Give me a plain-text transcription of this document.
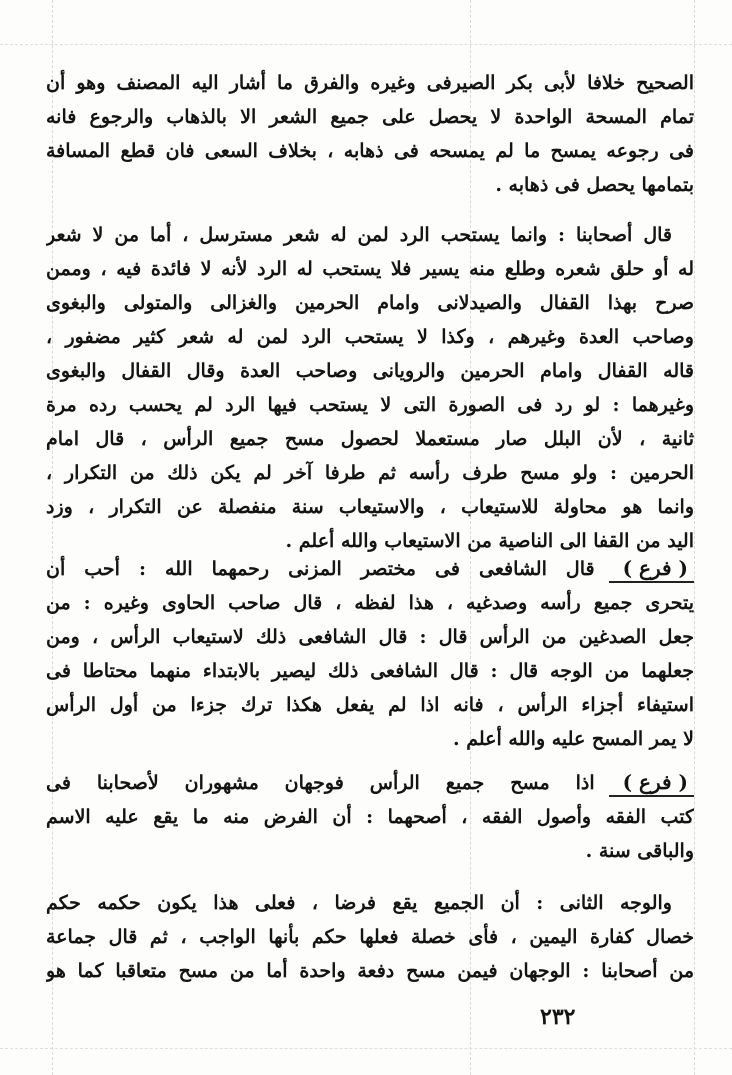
الصحيح خلافا لأبى بكر الصيرفى وغيره والفرق ما أشار اليه المصنف وهو أن
تمام المسحة الواحدة لا يحصل على جميع الشعر الا بالذهاب والرجوع فانه
فى رجوعه يمسح ما لم يمسحه فى ذهابه ، بخلاف السعى فان قطع المسافة
بتمامها يحصل فى ذهابه .
قال أصحابنا : وانما يستحب الرد لمن له شعر مسترسل ، أما من لا شعر
له أو حلق شعره وطلع منه يسير فلا يستحب له الرد لأنه لا فائدة فيه ، وممن
صرح بهذا القفال والصيدلانى وامام الحرمين والغزالى والمتولى والبغوى
وصاحب العدة وغيرهم ، وكذا لا يستحب الرد لمن له شعر كثير مضفور ،
قاله القفال وامام الحرمين والرويانى وصاحب العدة وقال القفال والبغوى
وغيرهما : لو رد فى الصورة التى لا يستحب فيها الرد لم يحسب رده مرة
ثانية ، لأن البلل صار مستعملا لحصول مسح جميع الرأس ، قال امام
الحرمين : ولو مسح طرف رأسه ثم طرفا آخر لم يكن ذلك من التكرار ،
وانما هو محاولة للاستيعاب ، والاستيعاب سنة منفصلة عن التكرار ، وزد
اليد من القفا الى الناصية من الاستيعاب والله أعلم .
( فرع )
قال الشافعى فى مختصر المزنى رحمهما الله : أحب أن
يتحرى جميع رأسه وصدغيه ، هذا لفظه ، قال صاحب الحاوى وغيره : من
جعل الصدغين من الرأس قال : قال الشافعى ذلك لاستيعاب الرأس ، ومن
جعلهما من الوجه قال : قال الشافعى ذلك ليصير بالابتداء منهما محتاطا فى
استيفاء أجزاء الرأس ، فانه اذا لم يفعل هكذا ترك جزءا من أول الرأس
لا يمر المسح عليه والله أعلم .
( فرع )
اذا مسح جميع الرأس فوجهان مشهوران لأصحابنا فى
كتب الفقه وأصول الفقه ، أصحهما : أن الفرض منه ما يقع عليه الاسم
والباقى سنة .
والوجه الثانى : أن الجميع يقع فرضا ، فعلى هذا يكون حكمه حكم
خصال كفارة اليمين ، فأى خصلة فعلها حكم بأنها الواجب ، ثم قال جماعة
من أصحابنا : الوجهان فيمن مسح دفعة واحدة أما من مسح متعاقبا كما هو
٢٣٢
